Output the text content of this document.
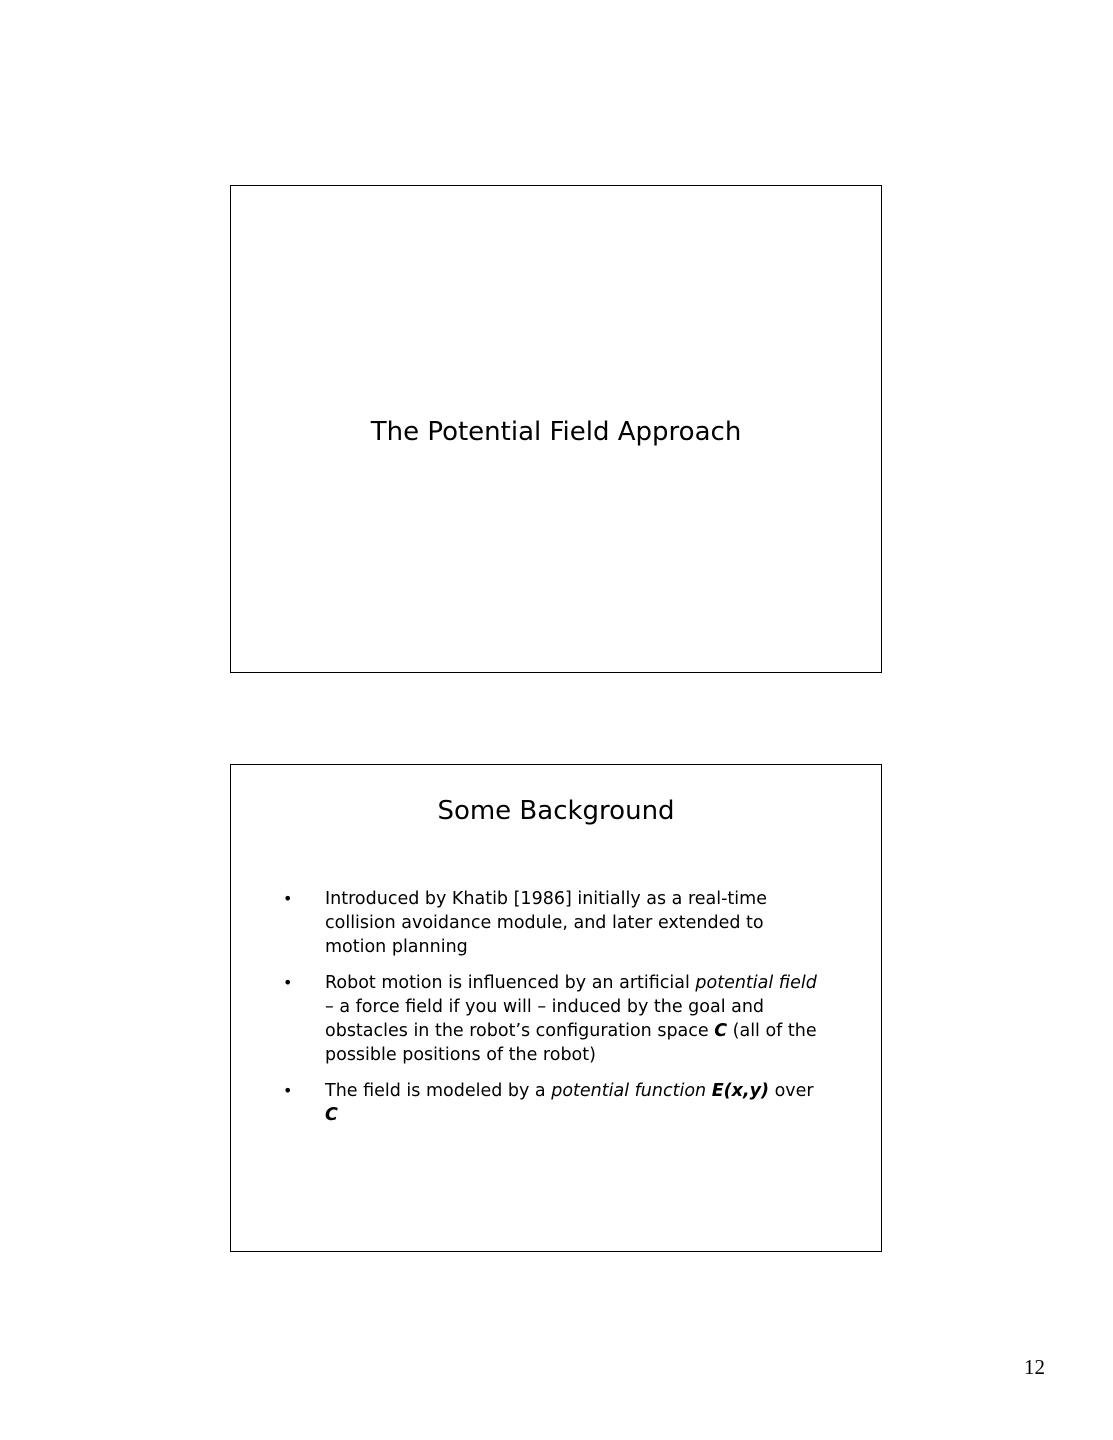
The Potential Field Approach
Some Background
• Introduced by Khatib [1986] initially as a real-time collision avoidance module, and later extended to motion planning
• Robot motion is influenced by an artificial potential field – a force field if you will – induced by the goal and obstacles in the robot’s configuration space C (all of the possible positions of the robot)
• The field is modeled by a potential function E(x,y) over C
12
